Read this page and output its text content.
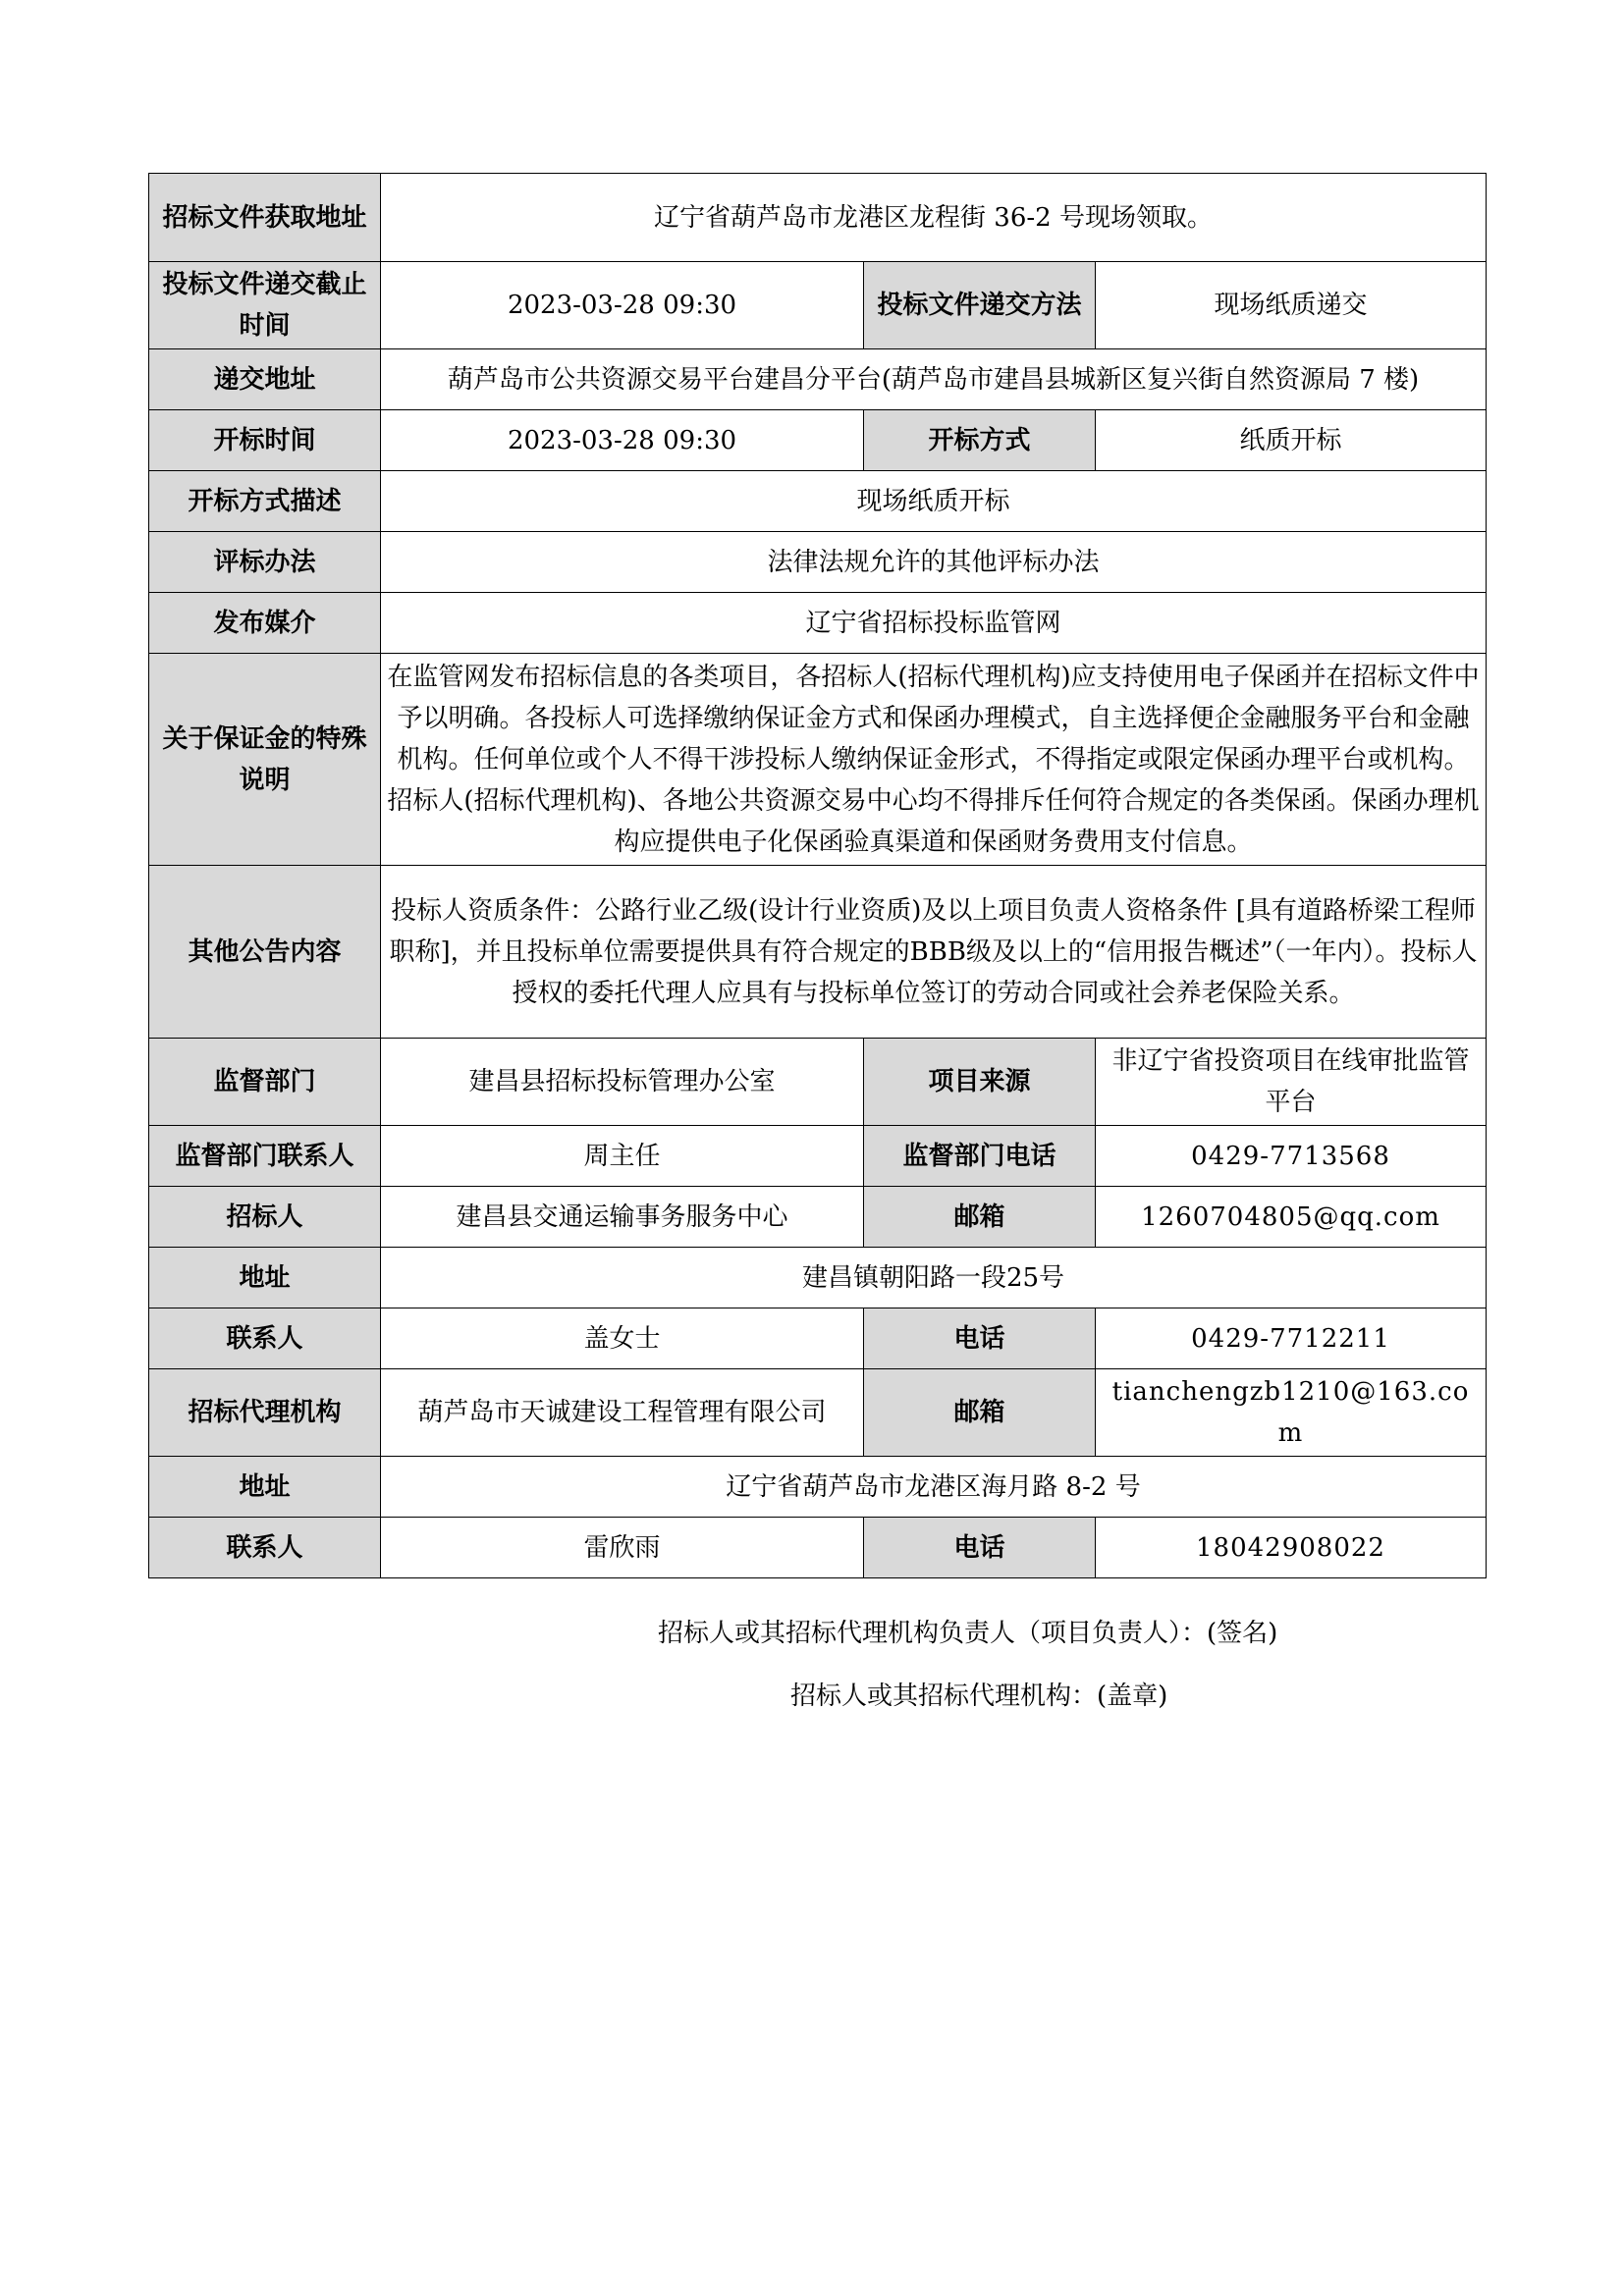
招标文件获取地址	辽宁省葫芦岛市龙港区龙程街 36-2 号现场领取。		
投标文件递交截止时间	2023-03-28 09:30	投标文件递交方法	现场纸质递交
递交地址	葫芦岛市公共资源交易平台建昌分平台(葫芦岛市建昌县城新区复兴街自然资源局 7 楼)		
开标时间	2023-03-28 09:30	开标方式	纸质开标
开标方式描述	现场纸质开标		
评标办法	法律法规允许的其他评标办法		
发布媒介	辽宁省招标投标监管网		
关于保证金的特殊说明	在监管网发布招标信息的各类项目，各招标人(招标代理机构)应支持使用电子保函并在招标文件中予以明确。各投标人可选择缴纳保证金方式和保函办理模式，自主选择便企金融服务平台和金融机构。任何单位或个人不得干涉投标人缴纳保证金形式，不得指定或限定保函办理平台或机构。招标人(招标代理机构)、各地公共资源交易中心均不得排斥任何符合规定的各类保函。保函办理机构应提供电子化保函验真渠道和保函财务费用支付信息。		
其他公告内容	投标人资质条件：公路行业乙级(设计行业资质)及以上项目负责人资格条件 [具有道路桥梁工程师职称]，并且投标单位需要提供具有符合规定的BBB级及以上的“信用报告概述”（一年内）。投标人授权的委托代理人应具有与投标单位签订的劳动合同或社会养老保险关系。		
监督部门	建昌县招标投标管理办公室	项目来源	非辽宁省投资项目在线审批监管平台
监督部门联系人	周主任	监督部门电话	0429-7713568
招标人	建昌县交通运输事务服务中心	邮箱	1260704805@qq.com
地址	建昌镇朝阳路一段25号		
联系人	盖女士	电话	0429-7712211
招标代理机构	葫芦岛市天诚建设工程管理有限公司	邮箱	tianchengzb1210@163.com
地址	辽宁省葫芦岛市龙港区海月路 8-2 号		
联系人	雷欣雨	电话	18042908022
招标人或其招标代理机构负责人（项目负责人）：(签名)
招标人或其招标代理机构：(盖章)
